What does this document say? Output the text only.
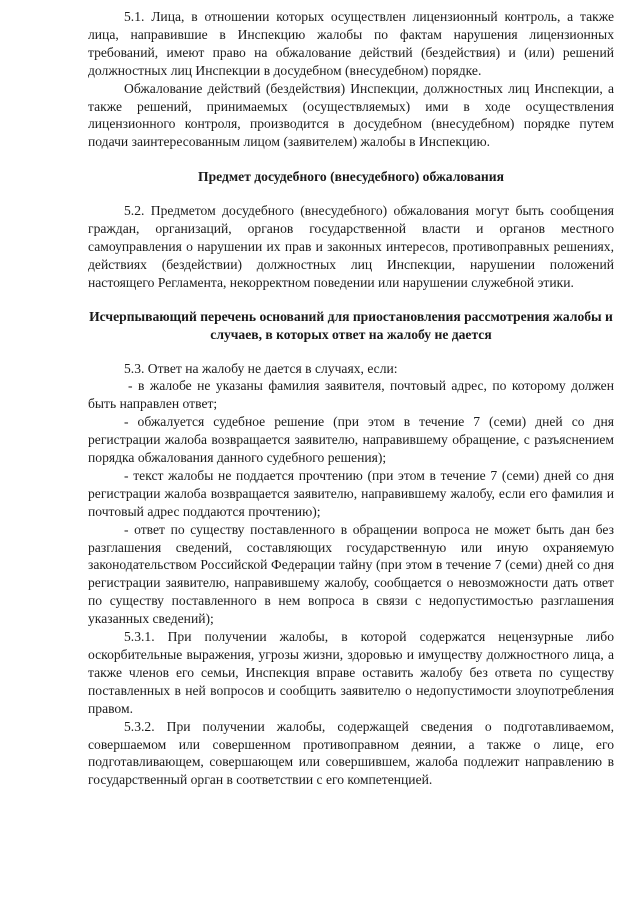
5.1. Лица, в отношении которых осуществлен лицензионный контроль, а также лица, направившие в Инспекцию жалобы по фактам нарушения лицензионных требований, имеют право на обжалование действий (бездействия) и (или) решений должностных лиц Инспекции в досудебном (внесудебном) порядке.

Обжалование действий (бездействия) Инспекции, должностных лиц Инспекции, а также решений, принимаемых (осуществляемых) ими в ходе осуществления лицензионного контроля, производится в досудебном (внесудебном) порядке путем подачи заинтересованным лицом (заявителем) жалобы в Инспекцию.

Предмет досудебного (внесудебного) обжалования

5.2. Предметом досудебного (внесудебного) обжалования могут быть сообщения граждан, организаций, органов государственной власти и органов местного самоуправления о нарушении их прав и законных интересов, противоправных решениях, действиях (бездействии) должностных лиц Инспекции, нарушении положений настоящего Регламента, некорректном поведении или нарушении служебной этики.

Исчерпывающий перечень оснований для приостановления рассмотрения жалобы и случаев, в которых ответ на жалобу не дается

5.3. Ответ на жалобу не дается в случаях, если:

- в жалобе не указаны фамилия заявителя, почтовый адрес, по которому должен быть направлен ответ;

- обжалуется судебное решение (при этом в течение 7 (семи) дней со дня регистрации жалоба возвращается заявителю, направившему обращение, с разъяснением порядка обжалования данного судебного решения);

- текст жалобы не поддается прочтению (при этом в течение 7 (семи) дней со дня регистрации жалоба возвращается заявителю, направившему жалобу, если его фамилия и почтовый адрес поддаются прочтению);

- ответ по существу поставленного в обращении вопроса не может быть дан без разглашения сведений, составляющих государственную или иную охраняемую законодательством Российской Федерации тайну (при этом в течение 7 (семи) дней со дня регистрации заявителю, направившему жалобу, сообщается о невозможности дать ответ по существу поставленного в нем вопроса в связи с недопустимостью разглашения указанных сведений);

5.3.1. При получении жалобы, в которой содержатся нецензурные либо оскорбительные выражения, угрозы жизни, здоровью и имуществу должностного лица, а также членов его семьи, Инспекция вправе оставить жалобу без ответа по существу поставленных в ней вопросов и сообщить заявителю о недопустимости злоупотребления правом.

5.3.2. При получении жалобы, содержащей сведения о подготавливаемом, совершаемом или совершенном противоправном деянии, а также о лице, его подготавливающем, совершающем или совершившем, жалоба подлежит направлению в государственный орган в соответствии с его компетенцией.
